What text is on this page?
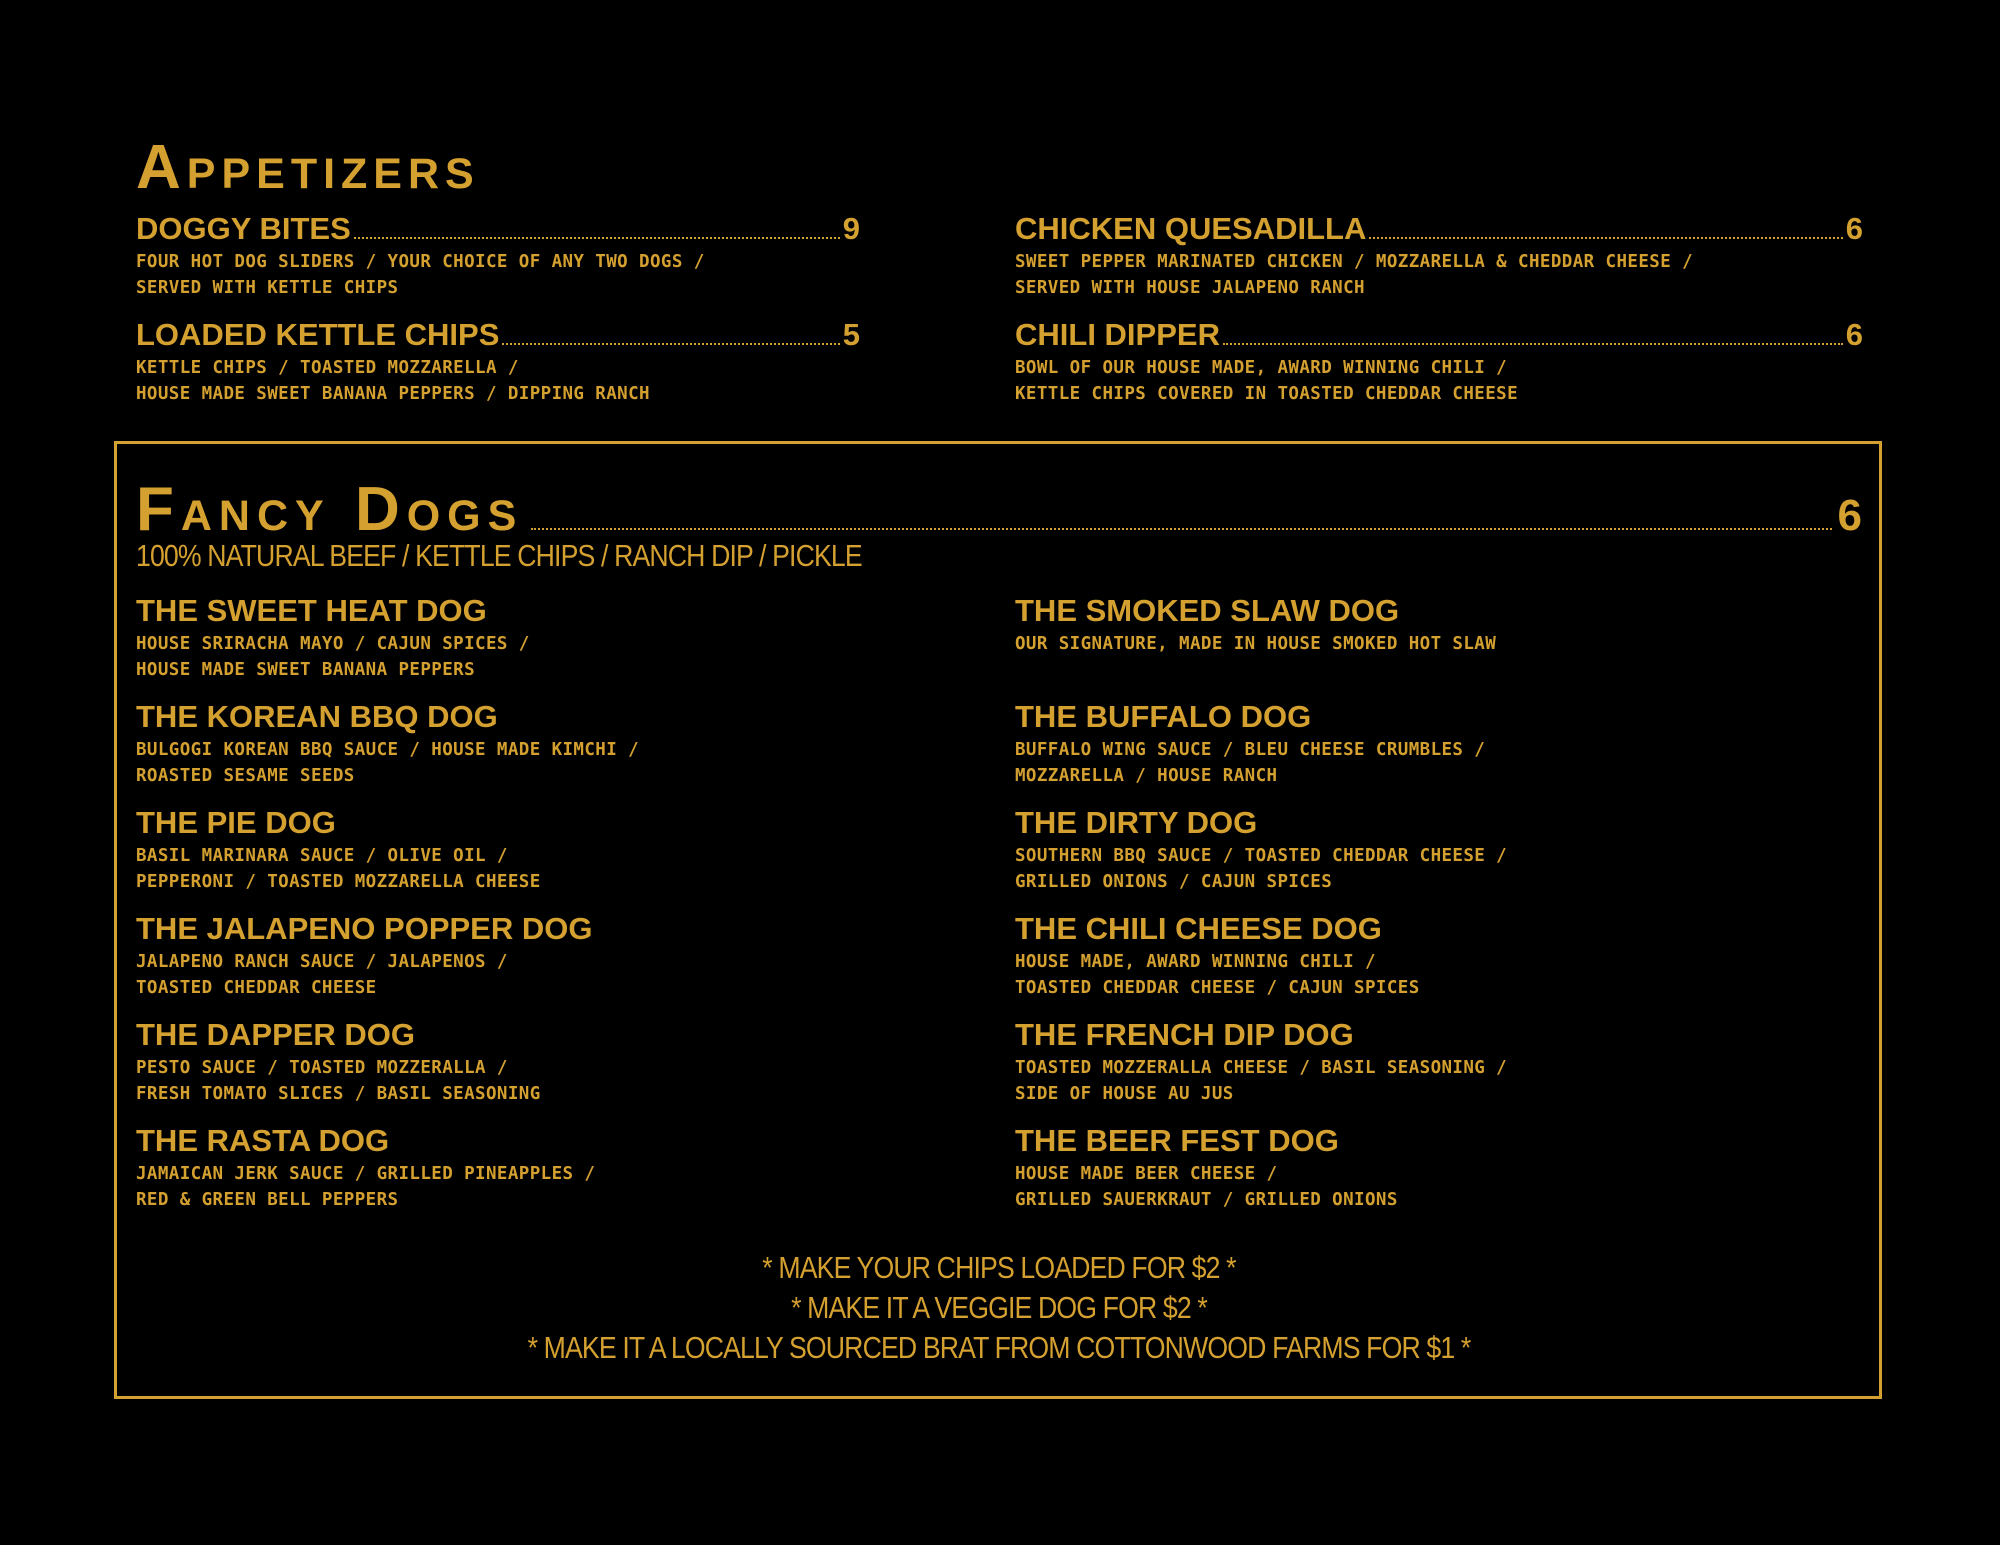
Appetizers
DOGGY BITES	9
FOUR HOT DOG SLIDERS / YOUR CHOICE OF ANY TWO DOGS /
SERVED WITH KETTLE CHIPS
CHICKEN QUESADILLA	6
SWEET PEPPER MARINATED CHICKEN / MOZZARELLA & CHEDDAR CHEESE /
SERVED WITH HOUSE JALAPENO RANCH
LOADED KETTLE CHIPS	5
KETTLE CHIPS / TOASTED MOZZARELLA /
HOUSE MADE SWEET BANANA PEPPERS / DIPPING RANCH
CHILI DIPPER	6
BOWL OF OUR HOUSE MADE, AWARD WINNING CHILI /
KETTLE CHIPS COVERED IN TOASTED CHEDDAR CHEESE
Fancy Dogs	6
100% NATURAL BEEF / KETTLE CHIPS / RANCH DIP / PICKLE
THE SWEET HEAT DOG
HOUSE SRIRACHA MAYO / CAJUN SPICES /
HOUSE MADE SWEET BANANA PEPPERS
THE SMOKED SLAW DOG
OUR SIGNATURE, MADE IN HOUSE SMOKED HOT SLAW
THE KOREAN BBQ DOG
BULGOGI KOREAN BBQ SAUCE / HOUSE MADE KIMCHI /
ROASTED SESAME SEEDS
THE BUFFALO DOG
BUFFALO WING SAUCE / BLEU CHEESE CRUMBLES /
MOZZARELLA / HOUSE RANCH
THE PIE DOG
BASIL MARINARA SAUCE / OLIVE OIL /
PEPPERONI / TOASTED MOZZARELLA CHEESE
THE DIRTY DOG
SOUTHERN BBQ SAUCE / TOASTED CHEDDAR CHEESE /
GRILLED ONIONS / CAJUN SPICES
THE JALAPENO POPPER DOG
JALAPENO RANCH SAUCE / JALAPENOS /
TOASTED CHEDDAR CHEESE
THE CHILI CHEESE DOG
HOUSE MADE, AWARD WINNING CHILI /
TOASTED CHEDDAR CHEESE / CAJUN SPICES
THE DAPPER DOG
PESTO SAUCE / TOASTED MOZZERALLA /
FRESH TOMATO SLICES / BASIL SEASONING
THE FRENCH DIP DOG
TOASTED MOZZERALLA CHEESE / BASIL SEASONING /
SIDE OF HOUSE AU JUS
THE RASTA DOG
JAMAICAN JERK SAUCE / GRILLED PINEAPPLES /
RED & GREEN BELL PEPPERS
THE BEER FEST DOG
HOUSE MADE BEER CHEESE /
GRILLED SAUERKRAUT / GRILLED ONIONS
* MAKE YOUR CHIPS LOADED FOR $2 *
* MAKE IT A VEGGIE DOG FOR $2 *
* MAKE IT A LOCALLY SOURCED BRAT FROM COTTONWOOD FARMS FOR $1 *
